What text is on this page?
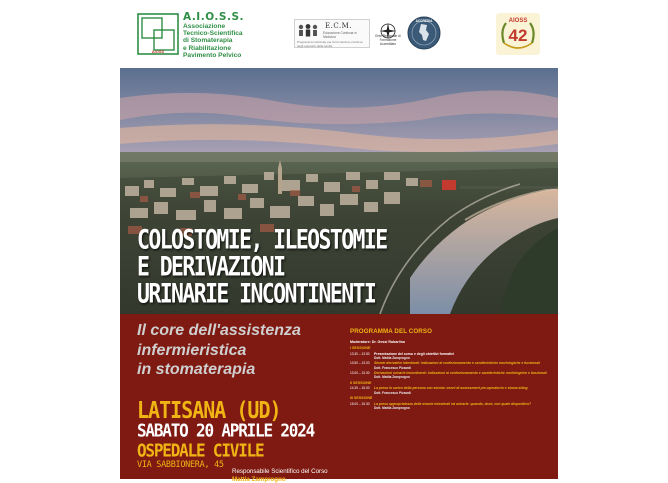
AIOSS
A.I.O.S.S.
Associazione
Tecnico-Scientifica
di Stomaterapia
e Riabilitazione
Pavimento Pelvico
E.C.M.
Educazione Continua in Medicina
Programma nazionale per la formazione continua degli operatori della sanità
Ente Regionale di Formazione Accreditato
ACCREDIA	AIOSS
42
COLOSTOMIE, ILEOSTOMIE
E DERIVAZIONI
URINARIE INCONTINENTI
Il core dell'assistenza
infermieristica
in stomaterapia
LATISANA (UD)
SABATO 20 APRILE 2024
OSPEDALE CIVILE
VIA SABBIONERA, 45
Responsabile Scientifico del Corso
Mattia Zamprogno
PROGRAMMA DEL CORSO
Moderatore: Dr. Gessi Rubarlino
I SESSIONE
13.30 – 13.50	Presentazione del corso e degli obiettivi formativi
Dott. Mattia Zamprogno
13.50 – 13.00	Stomie derivative intestinali: indicazioni al confezionamento e caratteristiche morfologiche e funzionali
Dott. Francesco Pizzardi
13.00 – 13.30	Derivazioni urinarie incontinenti: indicazioni al confezionamento e caratteristiche morfologiche e funzionali
Dott. Mattia Zamprogno
II SESSIONE
14.30 – 15.00	La presa in carico della persona con stomia: cenni di assessment pre-operatorio e stoma siting
Dott. Francesco Pizzardi
III SESSIONE
15.00 – 15.30	La presa appropriatezza delle stomie intestinali ed urinarie: quando, dove, con quale dispositivo?
Dott. Mattia Zamprogno
